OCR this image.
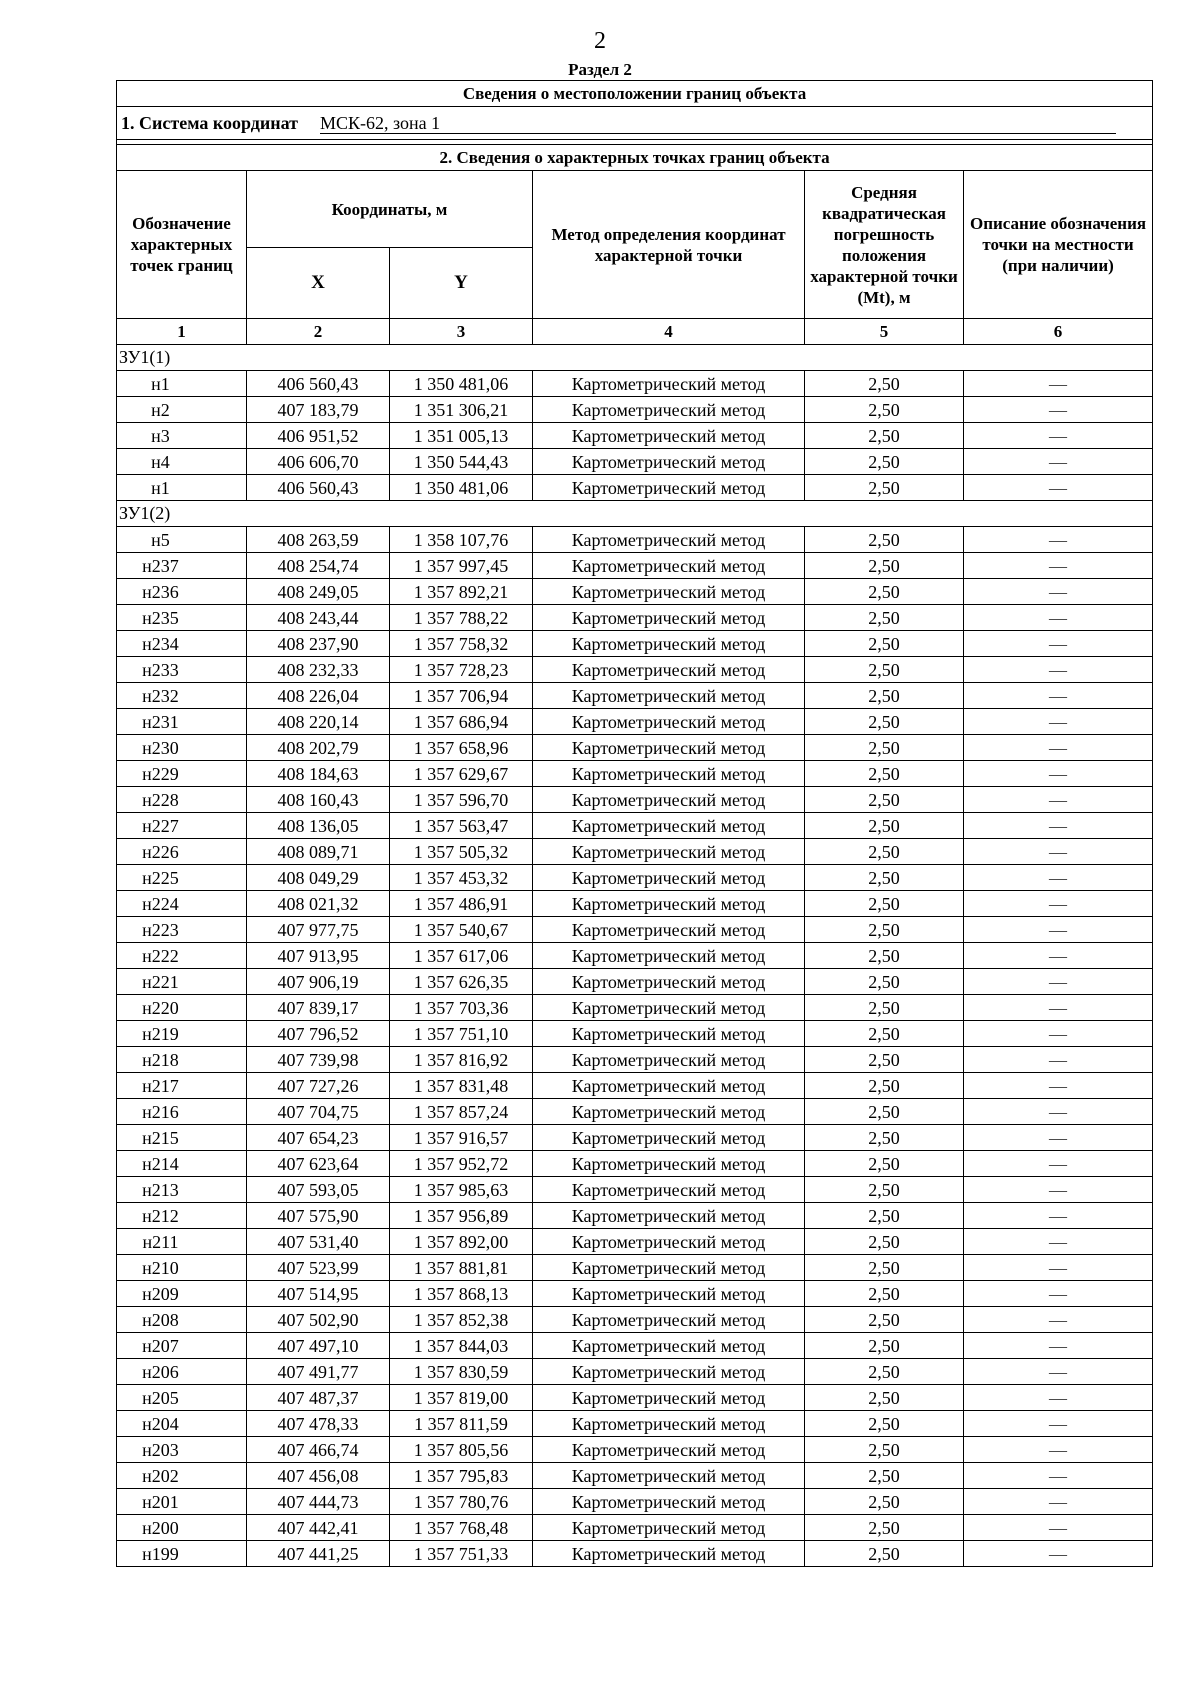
2
Раздел 2
Сведения о местоположении границ объекта					
1. Система координат МСК-62, зона 1					

2. Сведения о характерных точках границ объекта					
Обозначение характерных точек границ	Координаты, м		Метод определения координат характерной точки	Средняя квадратическая погрешность положения характерной точки (Mt), м	Описание обозначения точки на местности (при наличии)
	X	Y			
1	2	3	4	5	6
ЗУ1(1)					
н1	406 560,43	1 350 481,06	Картометрический метод	2,50	—
н2	407 183,79	1 351 306,21	Картометрический метод	2,50	—
н3	406 951,52	1 351 005,13	Картометрический метод	2,50	—
н4	406 606,70	1 350 544,43	Картометрический метод	2,50	—
н1	406 560,43	1 350 481,06	Картометрический метод	2,50	—
ЗУ1(2)					
н5	408 263,59	1 358 107,76	Картометрический метод	2,50	—
н237	408 254,74	1 357 997,45	Картометрический метод	2,50	—
н236	408 249,05	1 357 892,21	Картометрический метод	2,50	—
н235	408 243,44	1 357 788,22	Картометрический метод	2,50	—
н234	408 237,90	1 357 758,32	Картометрический метод	2,50	—
н233	408 232,33	1 357 728,23	Картометрический метод	2,50	—
н232	408 226,04	1 357 706,94	Картометрический метод	2,50	—
н231	408 220,14	1 357 686,94	Картометрический метод	2,50	—
н230	408 202,79	1 357 658,96	Картометрический метод	2,50	—
н229	408 184,63	1 357 629,67	Картометрический метод	2,50	—
н228	408 160,43	1 357 596,70	Картометрический метод	2,50	—
н227	408 136,05	1 357 563,47	Картометрический метод	2,50	—
н226	408 089,71	1 357 505,32	Картометрический метод	2,50	—
н225	408 049,29	1 357 453,32	Картометрический метод	2,50	—
н224	408 021,32	1 357 486,91	Картометрический метод	2,50	—
н223	407 977,75	1 357 540,67	Картометрический метод	2,50	—
н222	407 913,95	1 357 617,06	Картометрический метод	2,50	—
н221	407 906,19	1 357 626,35	Картометрический метод	2,50	—
н220	407 839,17	1 357 703,36	Картометрический метод	2,50	—
н219	407 796,52	1 357 751,10	Картометрический метод	2,50	—
н218	407 739,98	1 357 816,92	Картометрический метод	2,50	—
н217	407 727,26	1 357 831,48	Картометрический метод	2,50	—
н216	407 704,75	1 357 857,24	Картометрический метод	2,50	—
н215	407 654,23	1 357 916,57	Картометрический метод	2,50	—
н214	407 623,64	1 357 952,72	Картометрический метод	2,50	—
н213	407 593,05	1 357 985,63	Картометрический метод	2,50	—
н212	407 575,90	1 357 956,89	Картометрический метод	2,50	—
н211	407 531,40	1 357 892,00	Картометрический метод	2,50	—
н210	407 523,99	1 357 881,81	Картометрический метод	2,50	—
н209	407 514,95	1 357 868,13	Картометрический метод	2,50	—
н208	407 502,90	1 357 852,38	Картометрический метод	2,50	—
н207	407 497,10	1 357 844,03	Картометрический метод	2,50	—
н206	407 491,77	1 357 830,59	Картометрический метод	2,50	—
н205	407 487,37	1 357 819,00	Картометрический метод	2,50	—
н204	407 478,33	1 357 811,59	Картометрический метод	2,50	—
н203	407 466,74	1 357 805,56	Картометрический метод	2,50	—
н202	407 456,08	1 357 795,83	Картометрический метод	2,50	—
н201	407 444,73	1 357 780,76	Картометрический метод	2,50	—
н200	407 442,41	1 357 768,48	Картометрический метод	2,50	—
н199	407 441,25	1 357 751,33	Картометрический метод	2,50	—
